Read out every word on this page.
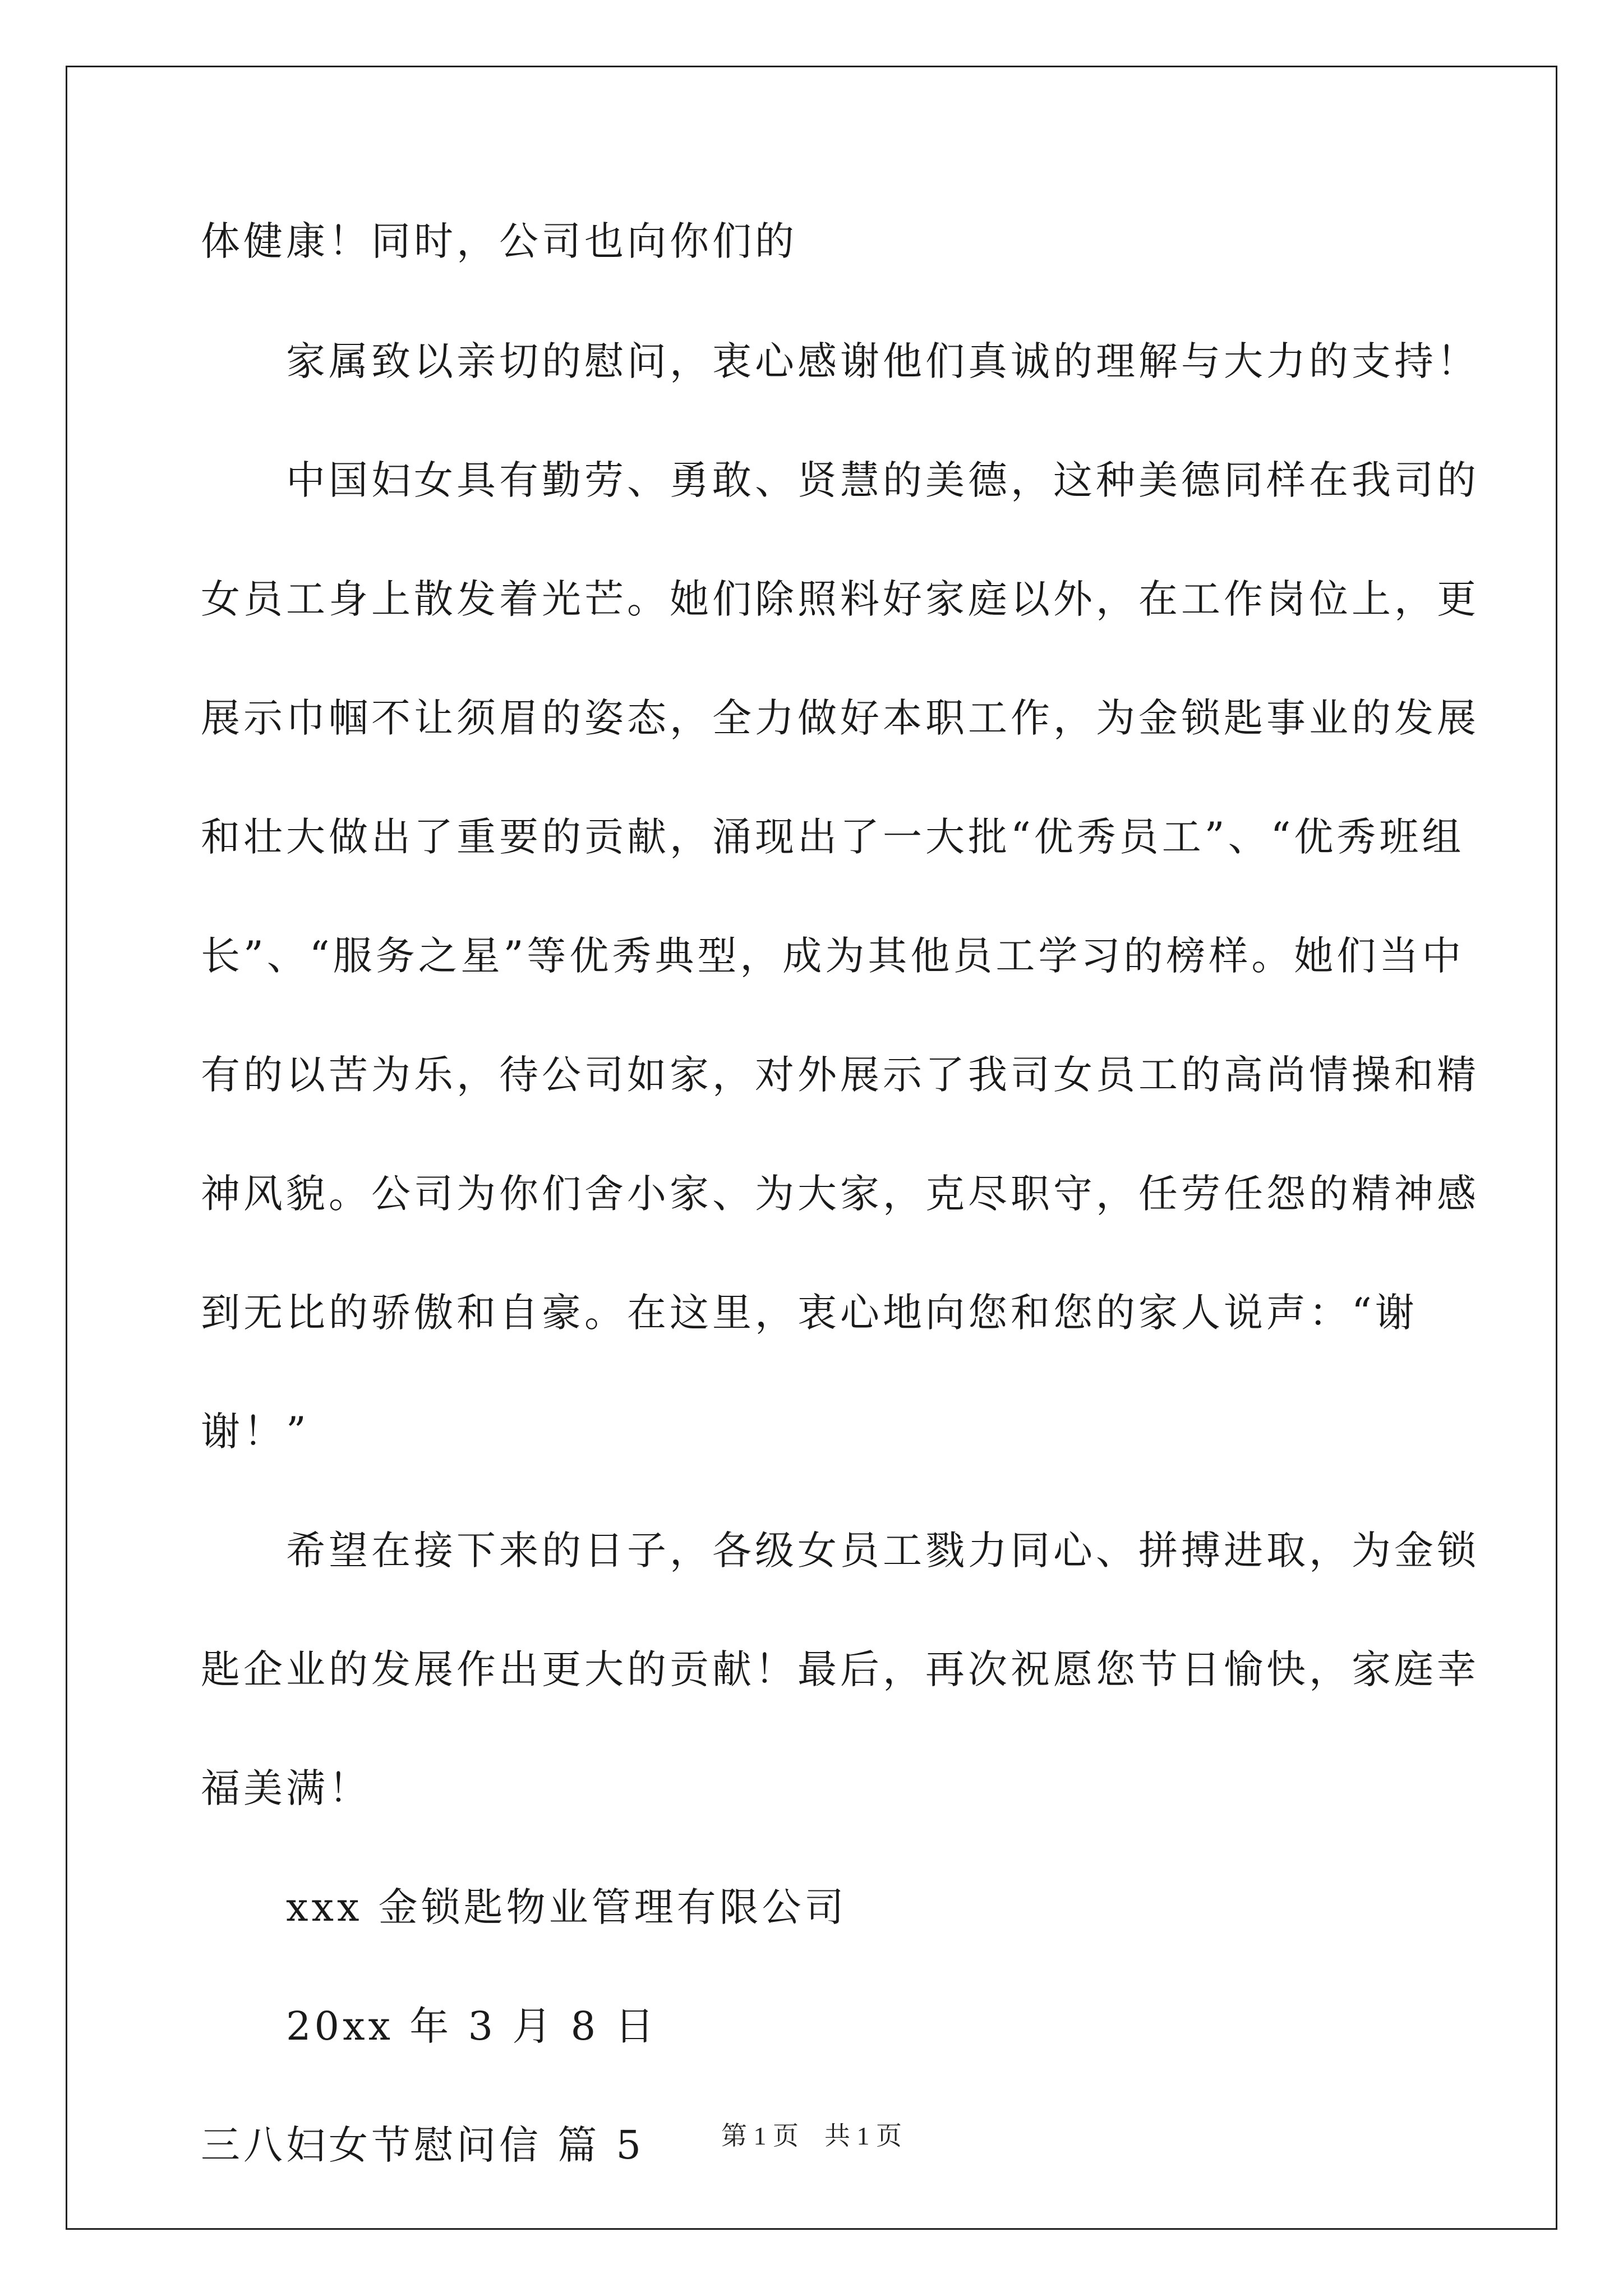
体健康！同时，公司也向你们的
家属致以亲切的慰问，衷心感谢他们真诚的理解与大力的支持！
中国妇女具有勤劳、勇敢、贤慧的美德，这种美德同样在我司的
女员工身上散发着光芒。她们除照料好家庭以外，在工作岗位上，更
展示巾帼不让须眉的姿态，全力做好本职工作，为金锁匙事业的发展
和壮大做出了重要的贡献，涌现出了一大批“优秀员工”、“优秀班组
长”、“服务之星”等优秀典型，成为其他员工学习的榜样。她们当中
有的以苦为乐，待公司如家，对外展示了我司女员工的高尚情操和精
神风貌。公司为你们舍小家、为大家，克尽职守，任劳任怨的精神感
到无比的骄傲和自豪。在这里，衷心地向您和您的家人说声：“谢
谢！”
希望在接下来的日子，各级女员工戮力同心、拼搏进取，为金锁
匙企业的发展作出更大的贡献！最后，再次祝愿您节日愉快，家庭幸
福美满！
xxx 金锁匙物业管理有限公司
20xx 年 3 月 8 日
三八妇女节慰问信 篇 5	第 1 页　共 1 页
